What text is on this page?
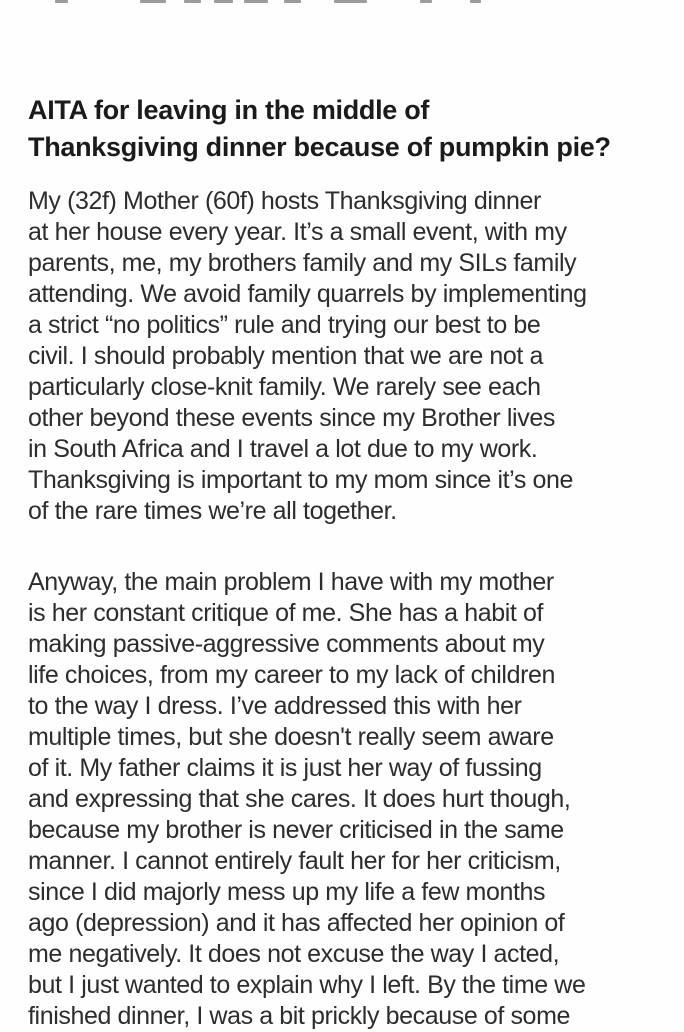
AITA for leaving in the middle of
Thanksgiving dinner because of pumpkin pie?

My (32f) Mother (60f) hosts Thanksgiving dinner
at her house every year. It’s a small event, with my
parents, me, my brothers family and my SILs family
attending. We avoid family quarrels by implementing
a strict “no politics” rule and trying our best to be
civil. I should probably mention that we are not a
particularly close-knit family. We rarely see each
other beyond these events since my Brother lives
in South Africa and I travel a lot due to my work.
Thanksgiving is important to my mom since it’s one
of the rare times we’re all together.

Anyway, the main problem I have with my mother
is her constant critique of me. She has a habit of
making passive-aggressive comments about my
life choices, from my career to my lack of children
to the way I dress. I’ve addressed this with her
multiple times, but she doesn't really seem aware
of it. My father claims it is just her way of fussing
and expressing that she cares. It does hurt though,
because my brother is never criticised in the same
manner. I cannot entirely fault her for her criticism,
since I did majorly mess up my life a few months
ago (depression) and it has affected her opinion of
me negatively. It does not excuse the way I acted,
but I just wanted to explain why I left. By the time we
finished dinner, I was a bit prickly because of some
